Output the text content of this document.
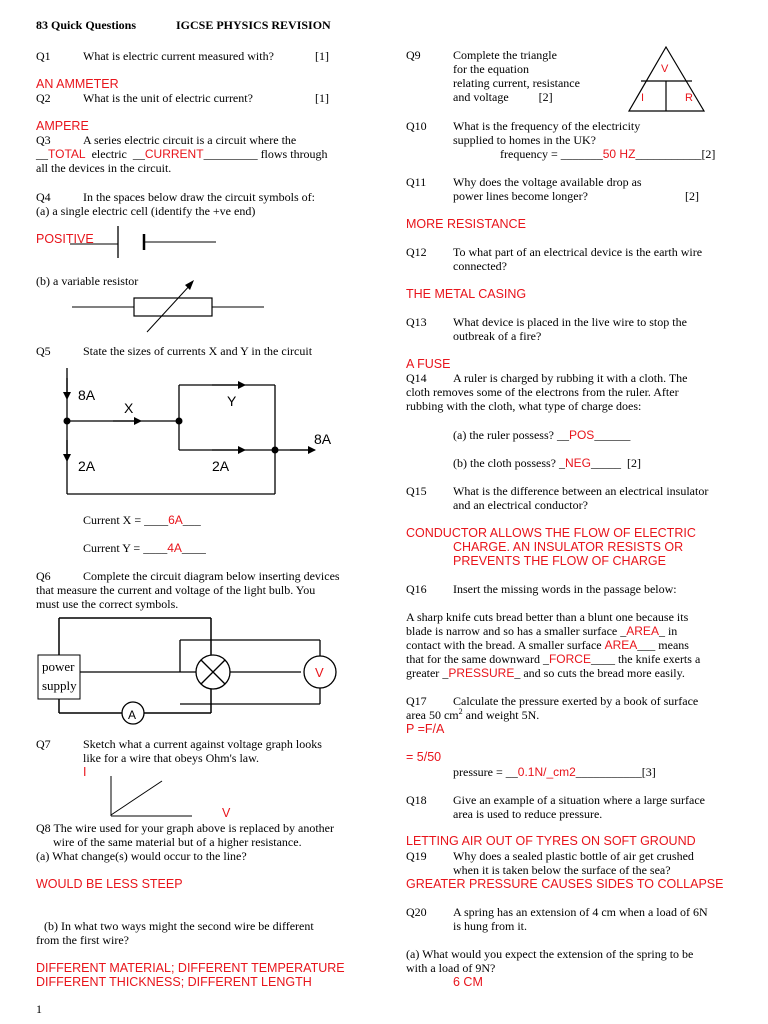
83 Quick Questions	IGCSE PHYSICS REVISION
Q1	What is electric current measured with?	[1]
AN AMMETER
Q2	What is the unit of electric current?	[1]
AMPERE
Q3	A series electric circuit is a circuit where the
__TOTAL electric __CURRENT_________ flows through
all the devices in the circuit.
Q4	In the spaces below draw the circuit symbols of:
(a) a single electric cell (identify the +ve end)
POSITIVE
(b) a variable resistor
Q5	State the sizes of currents X and Y in the circuit
8A
X	Y
8A
2A	2A
Current X = ____6A___
Current Y = ____4A____
Q6	Complete the circuit diagram below inserting devices
that measure the current and voltage of the light bulb. You
must use the correct symbols.
power
supply
V
A
Q7	Sketch what a current against voltage graph looks
like for a wire that obeys Ohm's law.
I
V
Q8 The wire used for your graph above is replaced by another
wire of the same material but of a higher resistance.
(a) What change(s) would occur to the line?
WOULD BE LESS STEEP
(b) In what two ways might the second wire be different
from the first wire?
DIFFERENT MATERIAL; DIFFERENT TEMPERATURE
DIFFERENT THICKNESS; DIFFERENT LENGTH
1
Q9	Complete the triangle
for the equation
relating current, resistance
and voltage	[2]
V
I	R
Q10 What is the frequency of the electricity
supplied to homes in the UK?
frequency = _______50 HZ___________[2]
Q11 Why does the voltage available drop as
power lines become longer?	[2]
MORE RESISTANCE
Q12 To what part of an electrical device is the earth wire
connected?
THE METAL CASING
Q13 What device is placed in the live wire to stop the
outbreak of a fire?
A FUSE
Q14 A ruler is charged by rubbing it with a cloth. The
cloth removes some of the electrons from the ruler. After
rubbing with the cloth, what type of charge does:
(a) the ruler possess? __POS______
(b) the cloth possess? _NEG_____ [2]
Q15 What is the difference between an electrical insulator
and an electrical conductor?
CONDUCTOR ALLOWS THE FLOW OF ELECTRIC
CHARGE. AN INSULATOR RESISTS OR
PREVENTS THE FLOW OF CHARGE
Q16 Insert the missing words in the passage below:
A sharp knife cuts bread better than a blunt one because its
blade is narrow and so has a smaller surface _AREA_ in
contact with the bread. A smaller surface AREA___ means
that for the same downward _FORCE____ the knife exerts a
greater _PRESSURE_ and so cuts the bread more easily.
Q17 Calculate the pressure exerted by a book of surface
area 50 $cm^2$ and weight 5N.
P =F/A
= 5/50
pressure = __0.1N/_cm2___________[3]
Q18 Give an example of a situation where a large surface
area is used to reduce pressure.
LETTING AIR OUT OF TYRES ON SOFT GROUND
Q19 Why does a sealed plastic bottle of air get crushed
when it is taken below the surface of the sea?
GREATER PRESSURE CAUSES SIDES TO COLLAPSE
Q20 A spring has an extension of 4 cm when a load of 6N
is hung from it.
(a) What would you expect the extension of the spring to be
with a load of 9N?
6 CM
